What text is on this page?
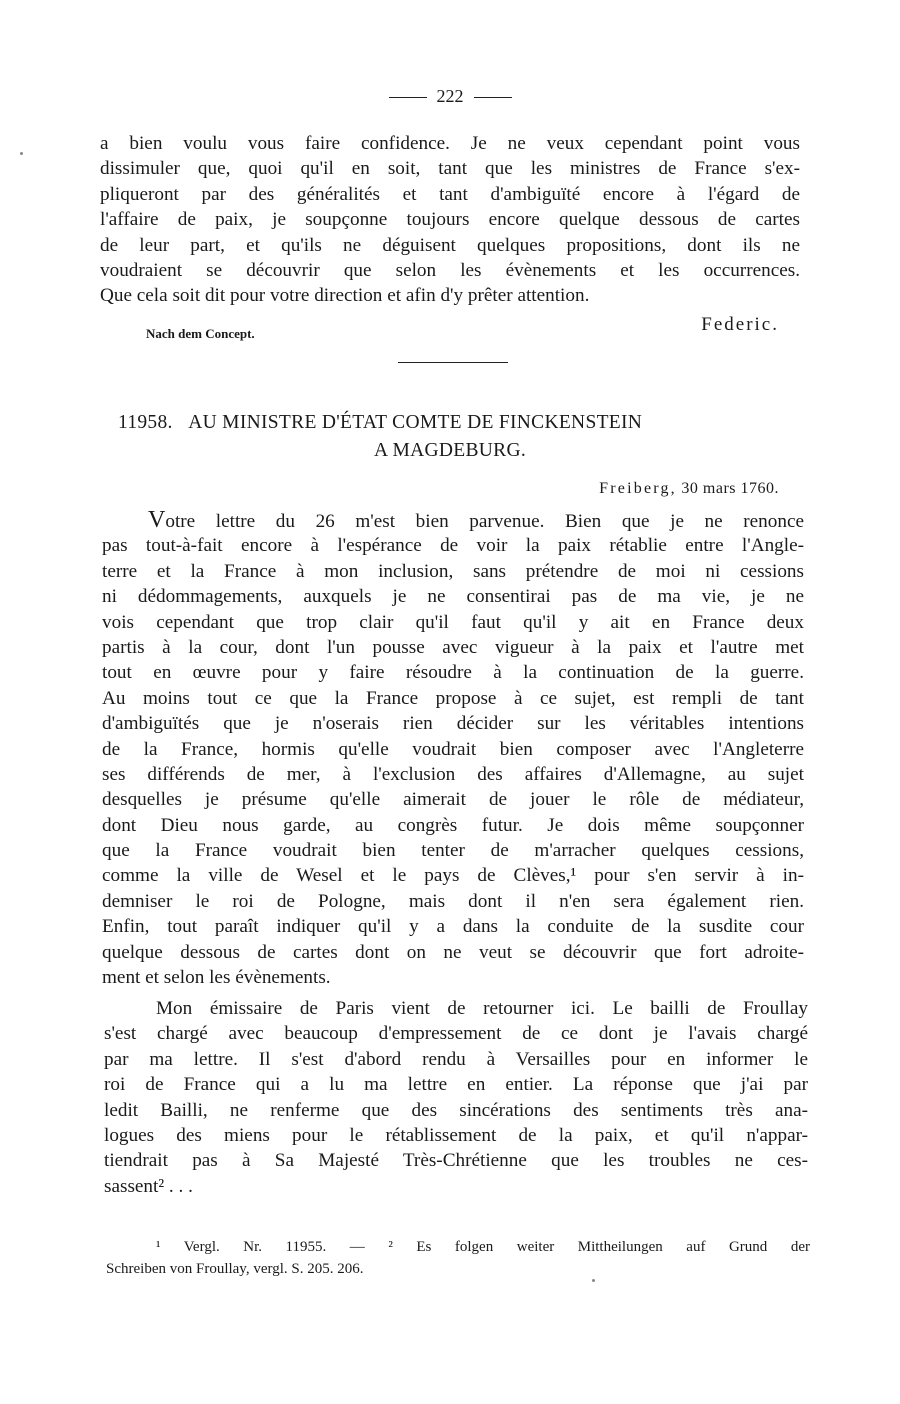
222
a bien voulu vous faire confidence. Je ne veux cependant point vous
dissimuler que, quoi qu'il en soit, tant que les ministres de France s'ex-
pliqueront par des généralités et tant d'ambiguïté encore à l'égard de
l'affaire de paix, je soupçonne toujours encore quelque dessous de cartes
de leur part, et qu'ils ne déguisent quelques propositions, dont ils ne
voudraient se découvrir que selon les évènements et les occurrences.
Que cela soit dit pour votre direction et afin d'y prêter attention.
Nach dem Concept.	Federic.
11958. AU MINISTRE D'ÉTAT COMTE DE FINCKENSTEIN
A MAGDEBURG.
Freiberg, 30 mars 1760.
Votre lettre du 26 m'est bien parvenue. Bien que je ne renonce
pas tout-à-fait encore à l'espérance de voir la paix rétablie entre l'Angle-
terre et la France à mon inclusion, sans prétendre de moi ni cessions
ni dédommagements, auxquels je ne consentirai pas de ma vie, je ne
vois cependant que trop clair qu'il faut qu'il y ait en France deux
partis à la cour, dont l'un pousse avec vigueur à la paix et l'autre met
tout en œuvre pour y faire résoudre à la continuation de la guerre.
Au moins tout ce que la France propose à ce sujet, est rempli de tant
d'ambiguïtés que je n'oserais rien décider sur les véritables intentions
de la France, hormis qu'elle voudrait bien composer avec l'Angleterre
ses différends de mer, à l'exclusion des affaires d'Allemagne, au sujet
desquelles je présume qu'elle aimerait de jouer le rôle de médiateur,
dont Dieu nous garde, au congrès futur. Je dois même soupçonner
que la France voudrait bien tenter de m'arracher quelques cessions,
comme la ville de Wesel et le pays de Clèves,¹ pour s'en servir à in-
demniser le roi de Pologne, mais dont il n'en sera également rien.
Enfin, tout paraît indiquer qu'il y a dans la conduite de la susdite cour
quelque dessous de cartes dont on ne veut se découvrir que fort adroite-
ment et selon les évènements.
Mon émissaire de Paris vient de retourner ici. Le bailli de Froullay
s'est chargé avec beaucoup d'empressement de ce dont je l'avais chargé
par ma lettre. Il s'est d'abord rendu à Versailles pour en informer le
roi de France qui a lu ma lettre en entier. La réponse que j'ai par
ledit Bailli, ne renferme que des sincérations des sentiments très ana-
logues des miens pour le rétablissement de la paix, et qu'il n'appar-
tiendrait pas à Sa Majesté Très-Chrétienne que les troubles ne ces-
sassent² . . .
¹ Vergl. Nr. 11955. — ² Es folgen weiter Mittheilungen auf Grund der
Schreiben von Froullay, vergl. S. 205. 206.
